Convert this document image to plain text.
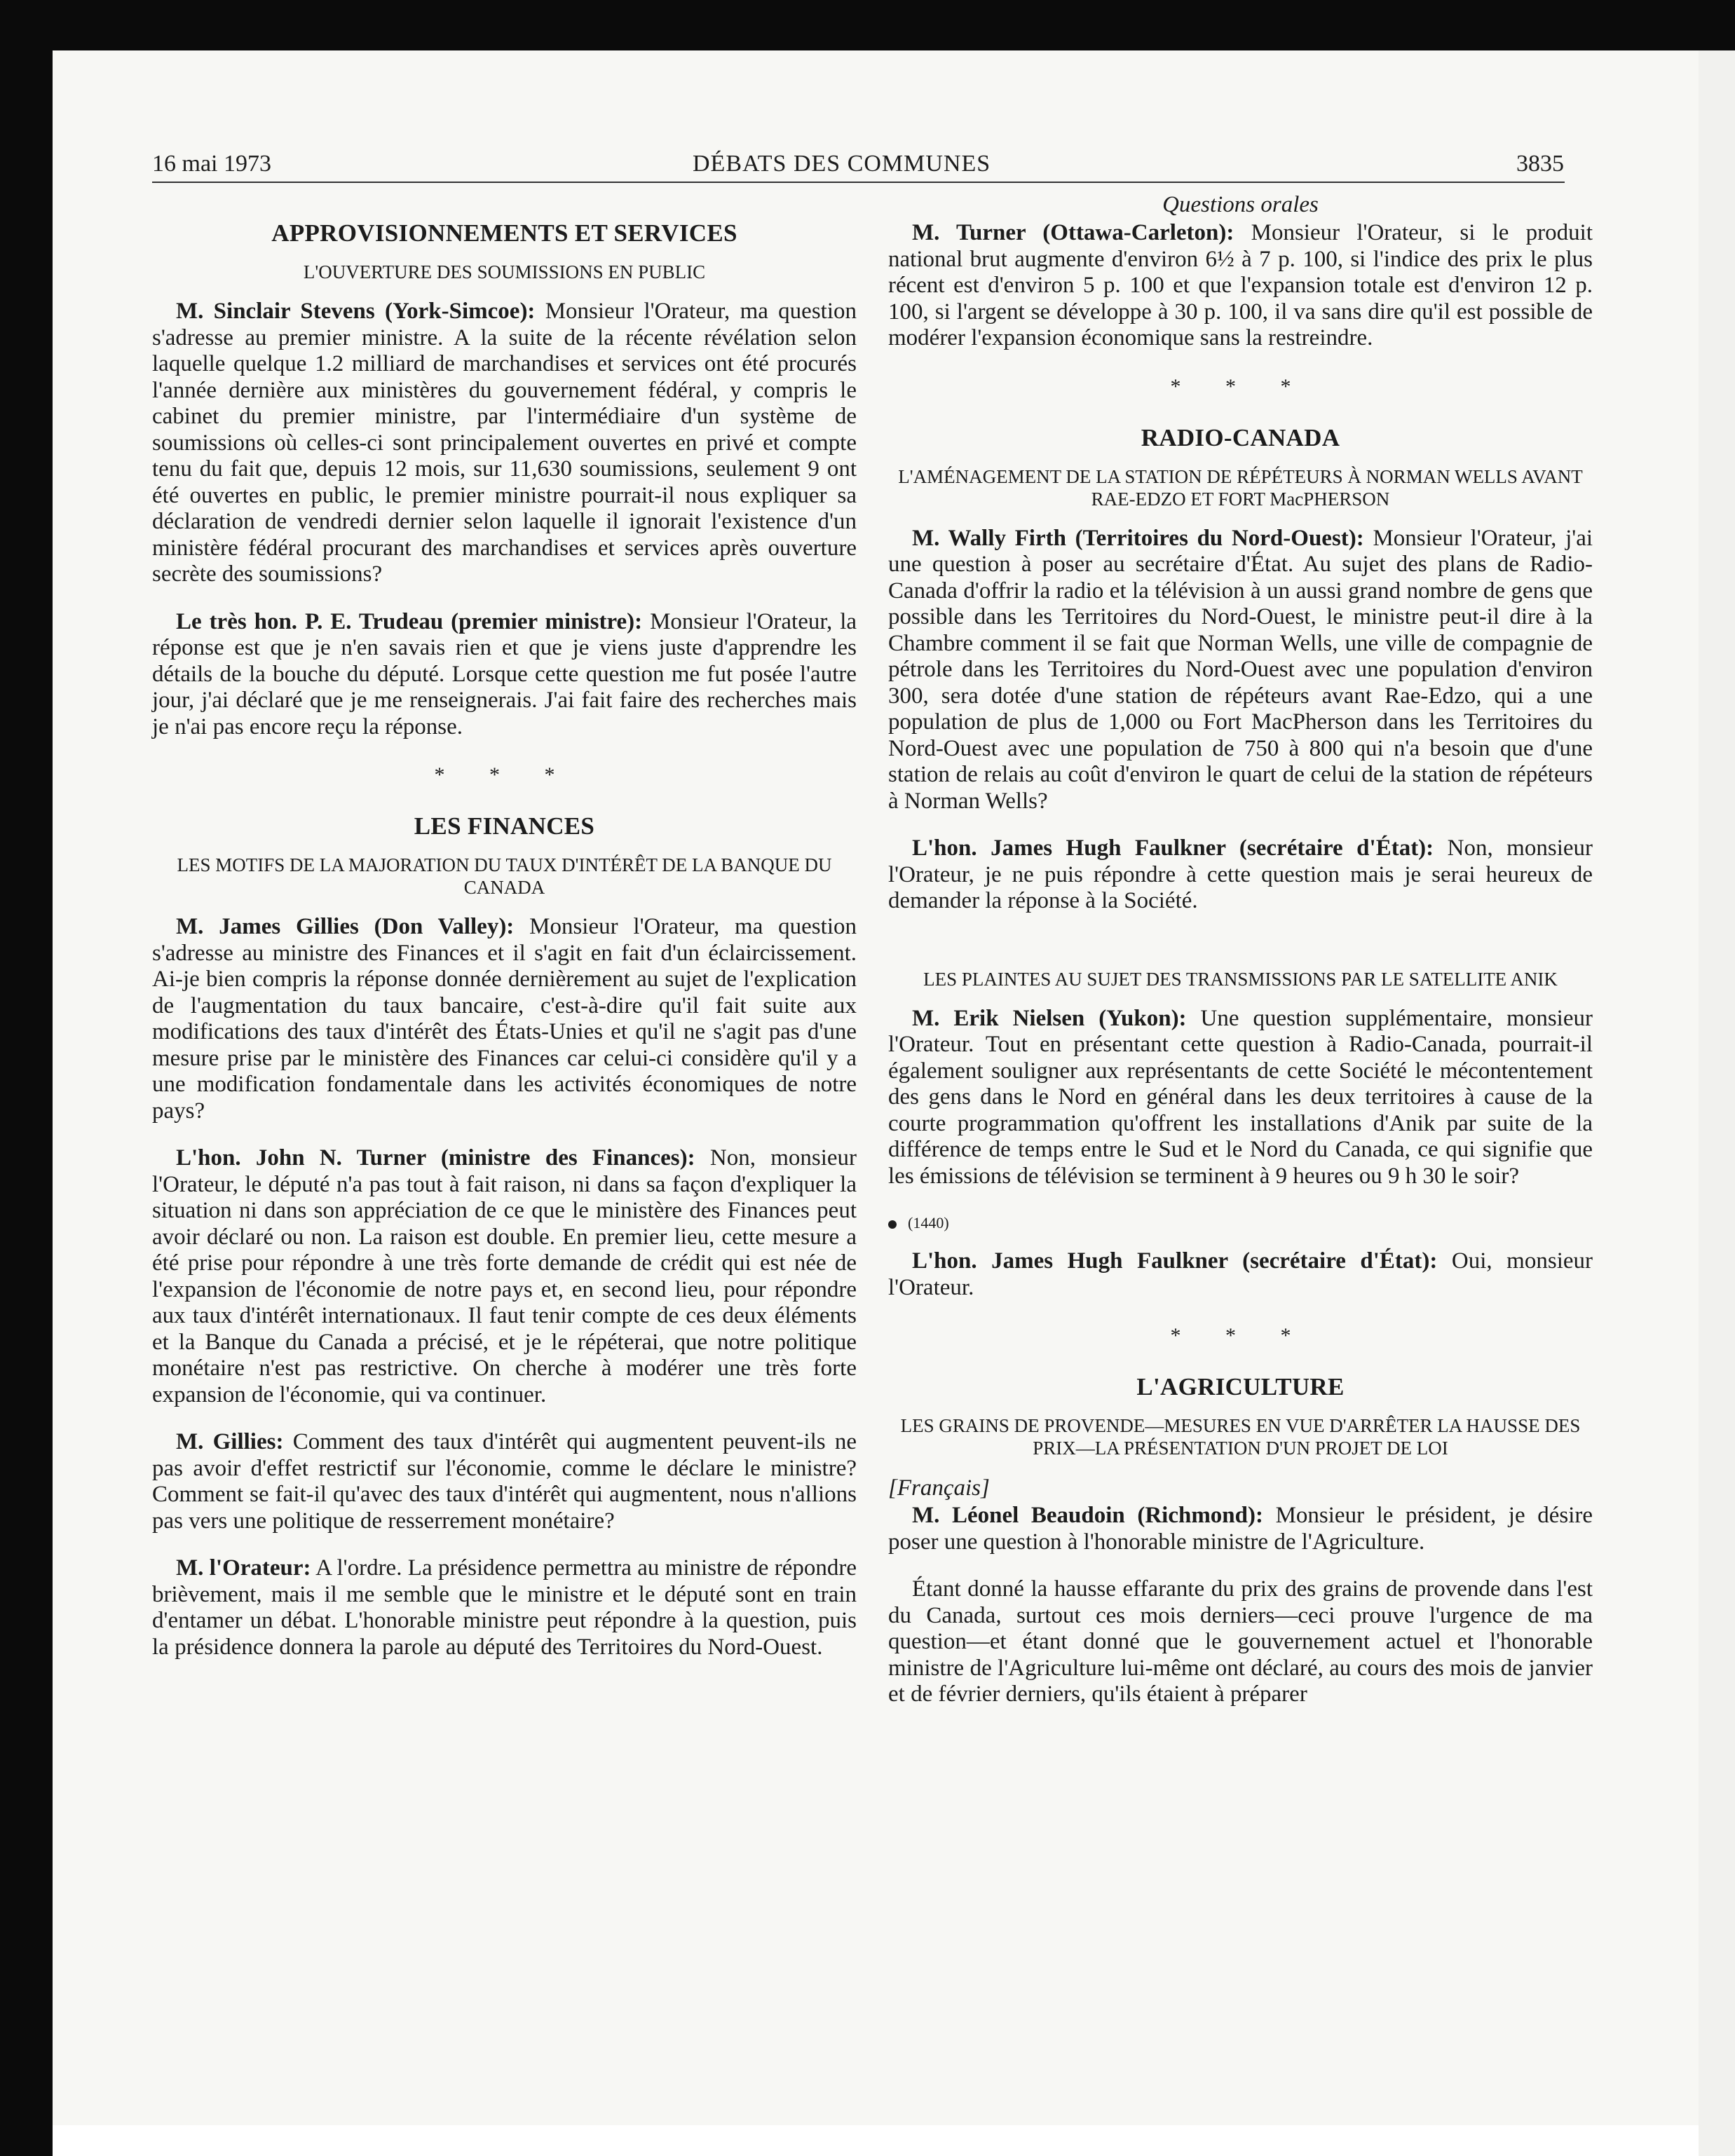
16 mai 1973	DÉBATS DES COMMUNES	3835
APPROVISIONNEMENTS ET SERVICES
L'OUVERTURE DES SOUMISSIONS EN PUBLIC

M. Sinclair Stevens (York-Simcoe): Monsieur l'Orateur, ma question s'adresse au premier ministre. A la suite de la récente révélation selon laquelle quelque 1.2 milliard de marchandises et services ont été procurés l'année dernière aux ministères du gouvernement fédéral, y compris le cabinet du premier ministre, par l'intermédiaire d'un système de soumissions où celles-ci sont principalement ouvertes en privé et compte tenu du fait que, depuis 12 mois, sur 11,630 soumissions, seulement 9 ont été ouvertes en public, le premier ministre pourrait-il nous expliquer sa déclaration de vendredi dernier selon laquelle il ignorait l'existence d'un ministère fédéral procurant des marchandises et services après ouverture secrète des soumissions?

Le très hon. P. E. Trudeau (premier ministre): Monsieur l'Orateur, la réponse est que je n'en savais rien et que je viens juste d'apprendre les détails de la bouche du député. Lorsque cette question me fut posée l'autre jour, j'ai déclaré que je me renseignerais. J'ai fait faire des recherches mais je n'ai pas encore reçu la réponse.

* * *
LES FINANCES
LES MOTIFS DE LA MAJORATION DU TAUX D'INTÉRÊT DE LA BANQUE DU CANADA

M. James Gillies (Don Valley): Monsieur l'Orateur, ma question s'adresse au ministre des Finances et il s'agit en fait d'un éclaircissement. Ai-je bien compris la réponse donnée dernièrement au sujet de l'explication de l'augmentation du taux bancaire, c'est-à-dire qu'il fait suite aux modifications des taux d'intérêt des États-Unies et qu'il ne s'agit pas d'une mesure prise par le ministère des Finances car celui-ci considère qu'il y a une modification fondamentale dans les activités économiques de notre pays?

L'hon. John N. Turner (ministre des Finances): Non, monsieur l'Orateur, le député n'a pas tout à fait raison, ni dans sa façon d'expliquer la situation ni dans son appréciation de ce que le ministère des Finances peut avoir déclaré ou non. La raison est double. En premier lieu, cette mesure a été prise pour répondre à une très forte demande de crédit qui est née de l'expansion de l'économie de notre pays et, en second lieu, pour répondre aux taux d'intérêt internationaux. Il faut tenir compte de ces deux éléments et la Banque du Canada a précisé, et je le répéterai, que notre politique monétaire n'est pas restrictive. On cherche à modérer une très forte expansion de l'économie, qui va continuer.

M. Gillies: Comment des taux d'intérêt qui augmentent peuvent-ils ne pas avoir d'effet restrictif sur l'économie, comme le déclare le ministre? Comment se fait-il qu'avec des taux d'intérêt qui augmentent, nous n'allions pas vers une politique de resserrement monétaire?

M. l'Orateur: A l'ordre. La présidence permettra au ministre de répondre brièvement, mais il me semble que le ministre et le député sont en train d'entamer un débat. L'honorable ministre peut répondre à la question, puis la présidence donnera la parole au député des Territoires du Nord-Ouest.

Questions orales

M. Turner (Ottawa-Carleton): Monsieur l'Orateur, si le produit national brut augmente d'environ 6½ à 7 p. 100, si l'indice des prix le plus récent est d'environ 5 p. 100 et que l'expansion totale est d'environ 12 p. 100, si l'argent se développe à 30 p. 100, il va sans dire qu'il est possible de modérer l'expansion économique sans la restreindre.

* * *
RADIO-CANADA
L'AMÉNAGEMENT DE LA STATION DE RÉPÉTEURS À NORMAN WELLS AVANT RAE-EDZO ET FORT MacPHERSON

M. Wally Firth (Territoires du Nord-Ouest): Monsieur l'Orateur, j'ai une question à poser au secrétaire d'État. Au sujet des plans de Radio-Canada d'offrir la radio et la télévision à un aussi grand nombre de gens que possible dans les Territoires du Nord-Ouest, le ministre peut-il dire à la Chambre comment il se fait que Norman Wells, une ville de compagnie de pétrole dans les Territoires du Nord-Ouest avec une population d'environ 300, sera dotée d'une station de répéteurs avant Rae-Edzo, qui a une population de plus de 1,000 ou Fort MacPherson dans les Territoires du Nord-Ouest avec une population de 750 à 800 qui n'a besoin que d'une station de relais au coût d'environ le quart de celui de la station de répéteurs à Norman Wells?

L'hon. James Hugh Faulkner (secrétaire d'État): Non, monsieur l'Orateur, je ne puis répondre à cette question mais je serai heureux de demander la réponse à la Société.

LES PLAINTES AU SUJET DES TRANSMISSIONS PAR LE SATELLITE ANIK

M. Erik Nielsen (Yukon): Une question supplémentaire, monsieur l'Orateur. Tout en présentant cette question à Radio-Canada, pourrait-il également souligner aux représentants de cette Société le mécontentement des gens dans le Nord en général dans les deux territoires à cause de la courte programmation qu'offrent les installations d'Anik par suite de la différence de temps entre le Sud et le Nord du Canada, ce qui signifie que les émissions de télévision se terminent à 9 heures ou 9 h 30 le soir?

(1440)

L'hon. James Hugh Faulkner (secrétaire d'État): Oui, monsieur l'Orateur.

* * *
L'AGRICULTURE
LES GRAINS DE PROVENDE—MESURES EN VUE D'ARRÊTER LA HAUSSE DES PRIX—LA PRÉSENTATION D'UN PROJET DE LOI
[Français]

M. Léonel Beaudoin (Richmond): Monsieur le président, je désire poser une question à l'honorable ministre de l'Agriculture.

Étant donné la hausse effarante du prix des grains de provende dans l'est du Canada, surtout ces mois derniers—ceci prouve l'urgence de ma question—et étant donné que le gouvernement actuel et l'honorable ministre de l'Agriculture lui-même ont déclaré, au cours des mois de janvier et de février derniers, qu'ils étaient à préparer
